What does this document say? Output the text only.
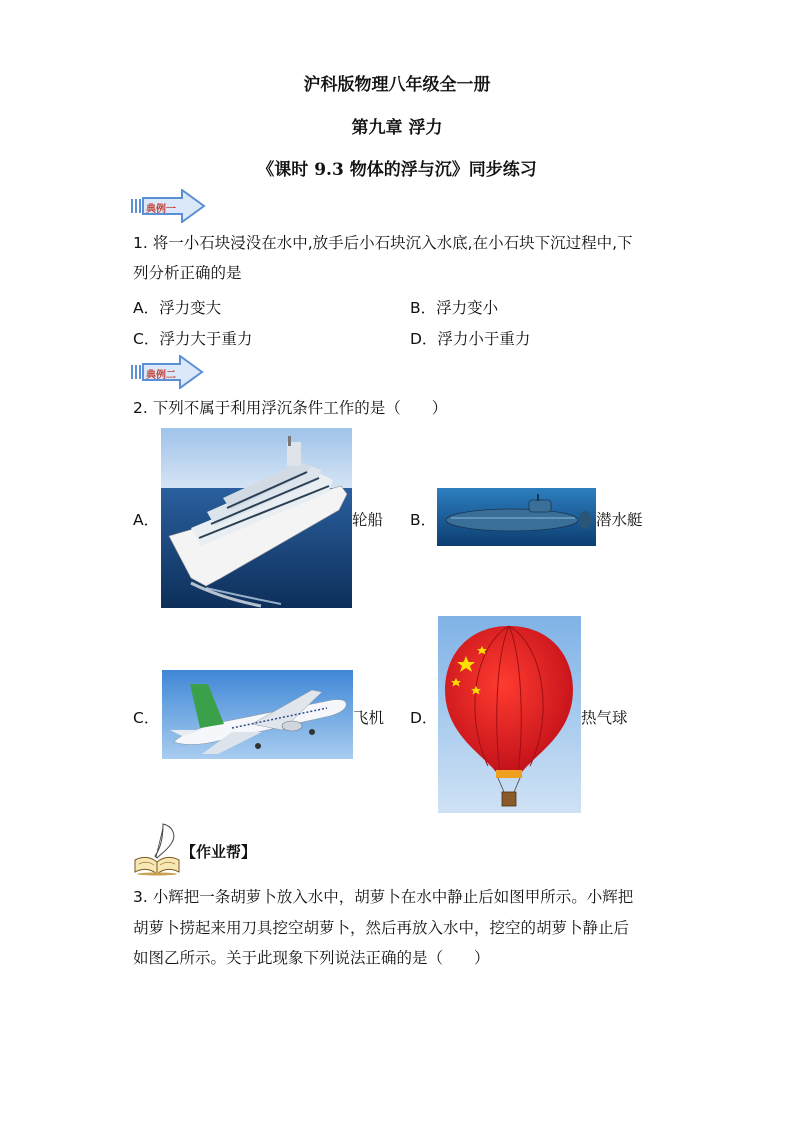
沪科版物理八年级全一册
第九章 浮力
《课时 9.3 物体的浮与沉》同步练习
典例一
1. 将一小石块浸没在水中,放手后小石块沉入水底,在小石块下沉过程中,下
列分析正确的是
A．浮力变大	B．浮力变小
C．浮力大于重力	D．浮力小于重力
典例二
2. 下列不属于利用浮沉条件工作的是（　　）
A．	轮船 B．	潜水艇
C．	飞机 D．	热气球
【作业帮】
3. 小辉把一条胡萝卜放入水中，胡萝卜在水中静止后如图甲所示。小辉把
胡萝卜捞起来用刀具挖空胡萝卜，然后再放入水中，挖空的胡萝卜静止后
如图乙所示。关于此现象下列说法正确的是（　　）
